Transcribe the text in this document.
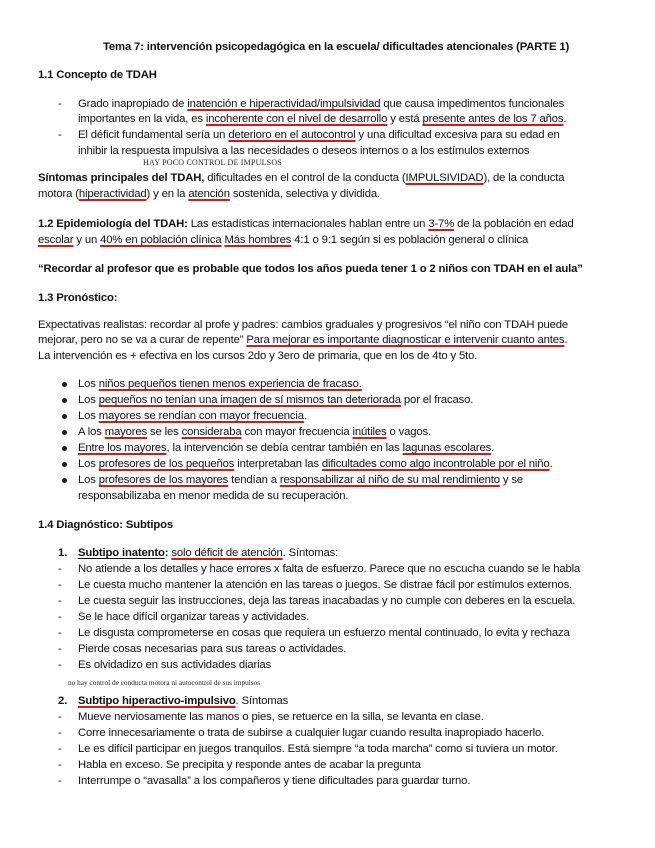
Tema 7: intervención psicopedagógica en la escuela/ dificultades atencionales (PARTE 1)
1.1 Concepto de TDAH
- Grado inapropiado de inatención e hiperactividad/impulsividad que causa impedimentos funcionales
importantes en la vida, es incoherente con el nivel de desarrollo y está presente antes de los 7 años.
- El déficit fundamental sería un deterioro en el autocontrol y una dificultad excesiva para su edad en
inhibir la respuesta impulsiva a las necesidades o deseos internos o a los estímulos externos
HAY POCO CONTROL DE IMPULSOS
Síntomas principales del TDAH, dificultades en el control de la conducta (IMPULSIVIDAD), de la conducta
motora (hiperactividad) y en la atención sostenida, selectiva y dividida.
1.2 Epidemiología del TDAH: Las estadísticas internacionales hablan entre un 3-7% de la población en edad
escolar y un 40% en población clínica Más hombres 4:1 o 9:1 según si es población general o clínica
“Recordar al profesor que es probable que todos los años pueda tener 1 o 2 niños con TDAH en el aula”
1.3 Pronóstico:
Expectativas realistas: recordar al profe y padres: cambios graduales y progresivos “el niño con TDAH puede
mejorar, pero no se va a curar de repente” Para mejorar es importante diagnosticar e intervenir cuanto antes.
La intervención es + efectiva en los cursos 2do y 3ero de primaria, que en los de 4to y 5to.
Los niños pequeños tienen menos experiencia de fracaso.
Los pequeños no tenían una imagen de sí mismos tan deteriorada por el fracaso.
Los mayores se rendían con mayor frecuencia.
A los mayores se les consideraba con mayor frecuencia inútiles o vagos.
Entre los mayores, la intervención se debía centrar también en las lagunas escolares.
Los profesores de los pequeños interpretaban las dificultades como algo incontrolable por el niño.
Los profesores de los mayores tendían a responsabilizar al niño de su mal rendimiento y se
responsabilizaba en menor medida de su recuperación.
1.4 Diagnóstico: Subtipos
1. Subtipo inatento: solo déficit de atención. Síntomas:
- No atiende a los detalles y hace errores x falta de esfuerzo. Parece que no escucha cuando se le habla
- Le cuesta mucho mantener la atención en las tareas o juegos. Se distrae fácil por estímulos externos.
- Le cuesta seguir las instrucciones, deja las tareas inacabadas y no cumple con deberes en la escuela.
- Se le hace difícil organizar tareas y actividades.
- Le disgusta comprometerse en cosas que requiera un esfuerzo mental continuado, lo evita y rechaza
- Pierde cosas necesarias para sus tareas o actividades.
- Es olvidadizo en sus actividades diarias
no hay control de conducta motora ni autocontrol de sus impulsos
2. Subtipo hiperactivo-impulsivo. Síntomas
- Mueve nerviosamente las manos o pies, se retuerce en la silla, se levanta en clase.
- Corre innecesariamente o trata de subirse a cualquier lugar cuando resulta inapropiado hacerlo.
- Le es difícil participar en juegos tranquilos. Está siempre “a toda marcha” como si tuviera un motor.
- Habla en exceso. Se precipita y responde antes de acabar la pregunta
- Interrumpe o “avasalla” a los compañeros y tiene dificultades para guardar turno.
